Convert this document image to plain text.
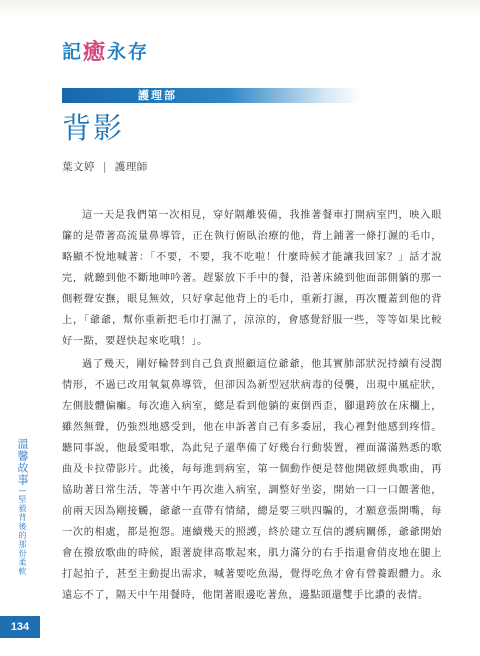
記 癒 永存
護理部
背影
葉文婷 | 護理師

這一天是我們第一次相見，穿好隔離裝備，我推著餐車打開病室門，映入眼簾的是帶著高流量鼻導管，正在執行俯臥治療的他，背上鋪著一條打濕的毛巾，略顯不悅地喊著：「不要，不要，我不吃啦！什麼時候才能讓我回家？」話才說完，就聽到他不斷地呻吟著。趕緊放下手中的餐，沿著床繞到他面部側躺的那一側輕聲安撫，眼見無效，只好拿起他背上的毛巾，重新打濕，再次覆蓋到他的背上，「爺爺，幫你重新把毛巾打濕了，涼涼的，會感覺舒服一些，等等如果比較好一點，要趕快起來吃哦！」。

過了幾天，剛好輪替到自己負責照顧這位爺爺，他其實肺部狀況持續有浸潤情形，不過已改用氧氣鼻導管，但卻因為新型冠狀病毒的侵襲，出現中風症狀，左側肢體偏癱。每次進入病室，總是看到他躺的東倒西歪，腳還跨放在床欄上，雖然無聲，仍強烈地感受到，他在申訴著自己有多委屈，我心裡對他感到疼惜。聽同事說，他最愛唱歌，為此兒子還準備了好幾台行動裝置，裡面滿滿熟悉的歌曲及卡拉帶影片。此後，每每進到病室，第一個動作便是替他開啟經典歌曲，再協助著日常生活，等著中午再次進入病室，調整好坐姿，開始一口一口餵著他，前兩天因為剛接觸，爺爺一直帶有情緒，總是要三哄四騙的，才願意張開嘴，每一次的相處，都是抱怨。連續幾天的照護，終於建立互信的護病關係，爺爺開始會在撥放歌曲的時候，跟著旋律高歌起來，肌力滿分的右手指還會俏皮地在腿上打起拍子，甚至主動提出需求，喊著要吃魚湯，覺得吃魚才會有營養跟體力。永遠忘不了，隔天中午用餐時，他閉著眼邊吃著魚，邊點頭還雙手比讚的表情。

溫馨故事—堅毅背後的那份柔軟
134
